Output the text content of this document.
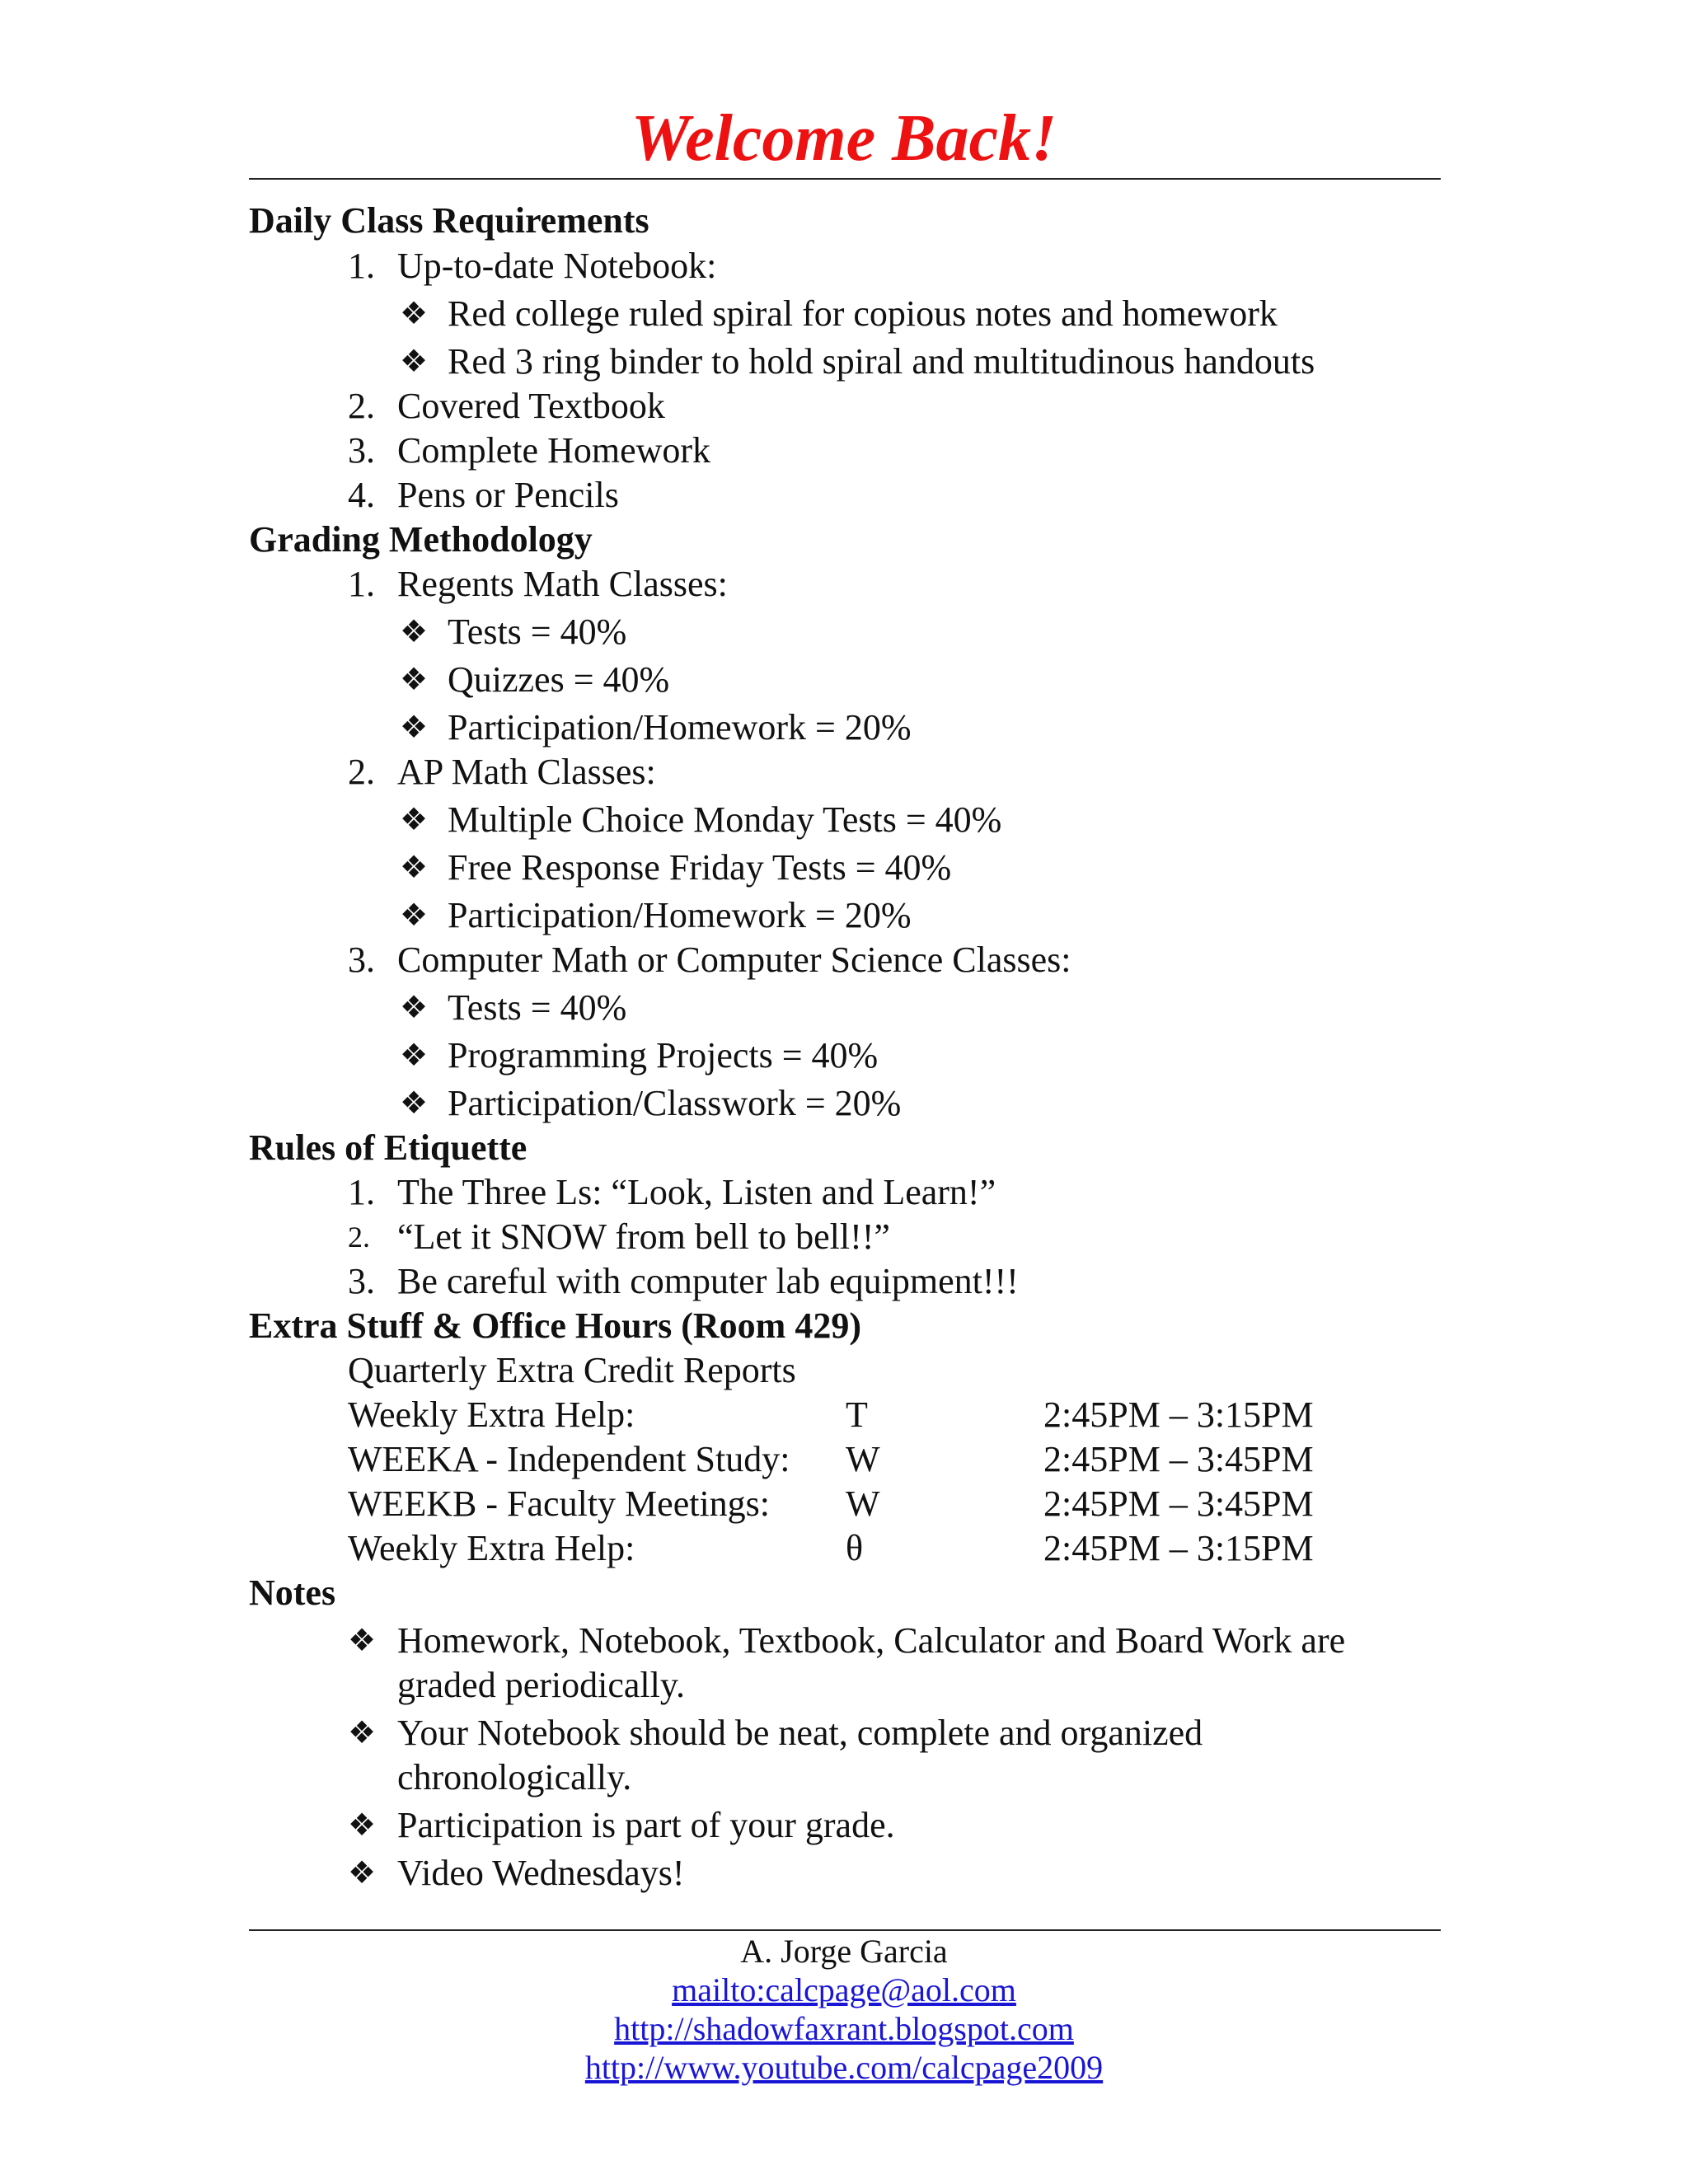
Welcome Back!
Daily Class Requirements
1. Up-to-date Notebook:
❖ Red college ruled spiral for copious notes and homework
❖ Red 3 ring binder to hold spiral and multitudinous handouts
2. Covered Textbook
3. Complete Homework
4. Pens or Pencils
Grading Methodology
1. Regents Math Classes:
❖ Tests = 40%
❖ Quizzes = 40%
❖ Participation/Homework = 20%
2. AP Math Classes:
❖ Multiple Choice Monday Tests = 40%
❖ Free Response Friday Tests = 40%
❖ Participation/Homework = 20%
3. Computer Math or Computer Science Classes:
❖ Tests = 40%
❖ Programming Projects = 40%
❖ Participation/Classwork = 20%
Rules of Etiquette
1. The Three Ls: “Look, Listen and Learn!”
2. “Let it SNOW from bell to bell!!”
3. Be careful with computer lab equipment!!!
Extra Stuff & Office Hours (Room 429)
Quarterly Extra Credit Reports
Weekly Extra Help:	T	2:45PM – 3:15PM
WEEKA - Independent Study: W	2:45PM – 3:45PM
WEEKB - Faculty Meetings: W	2:45PM – 3:45PM
Weekly Extra Help:	θ	2:45PM – 3:15PM
Notes
❖ Homework, Notebook, Textbook, Calculator and Board Work are
graded periodically.
❖ Your Notebook should be neat, complete and organized
chronologically.
❖ Participation is part of your grade.
❖ Video Wednesdays!
A. Jorge Garcia
mailto:calcpage@aol.com
http://shadowfaxrant.blogspot.com
http://www.youtube.com/calcpage2009
